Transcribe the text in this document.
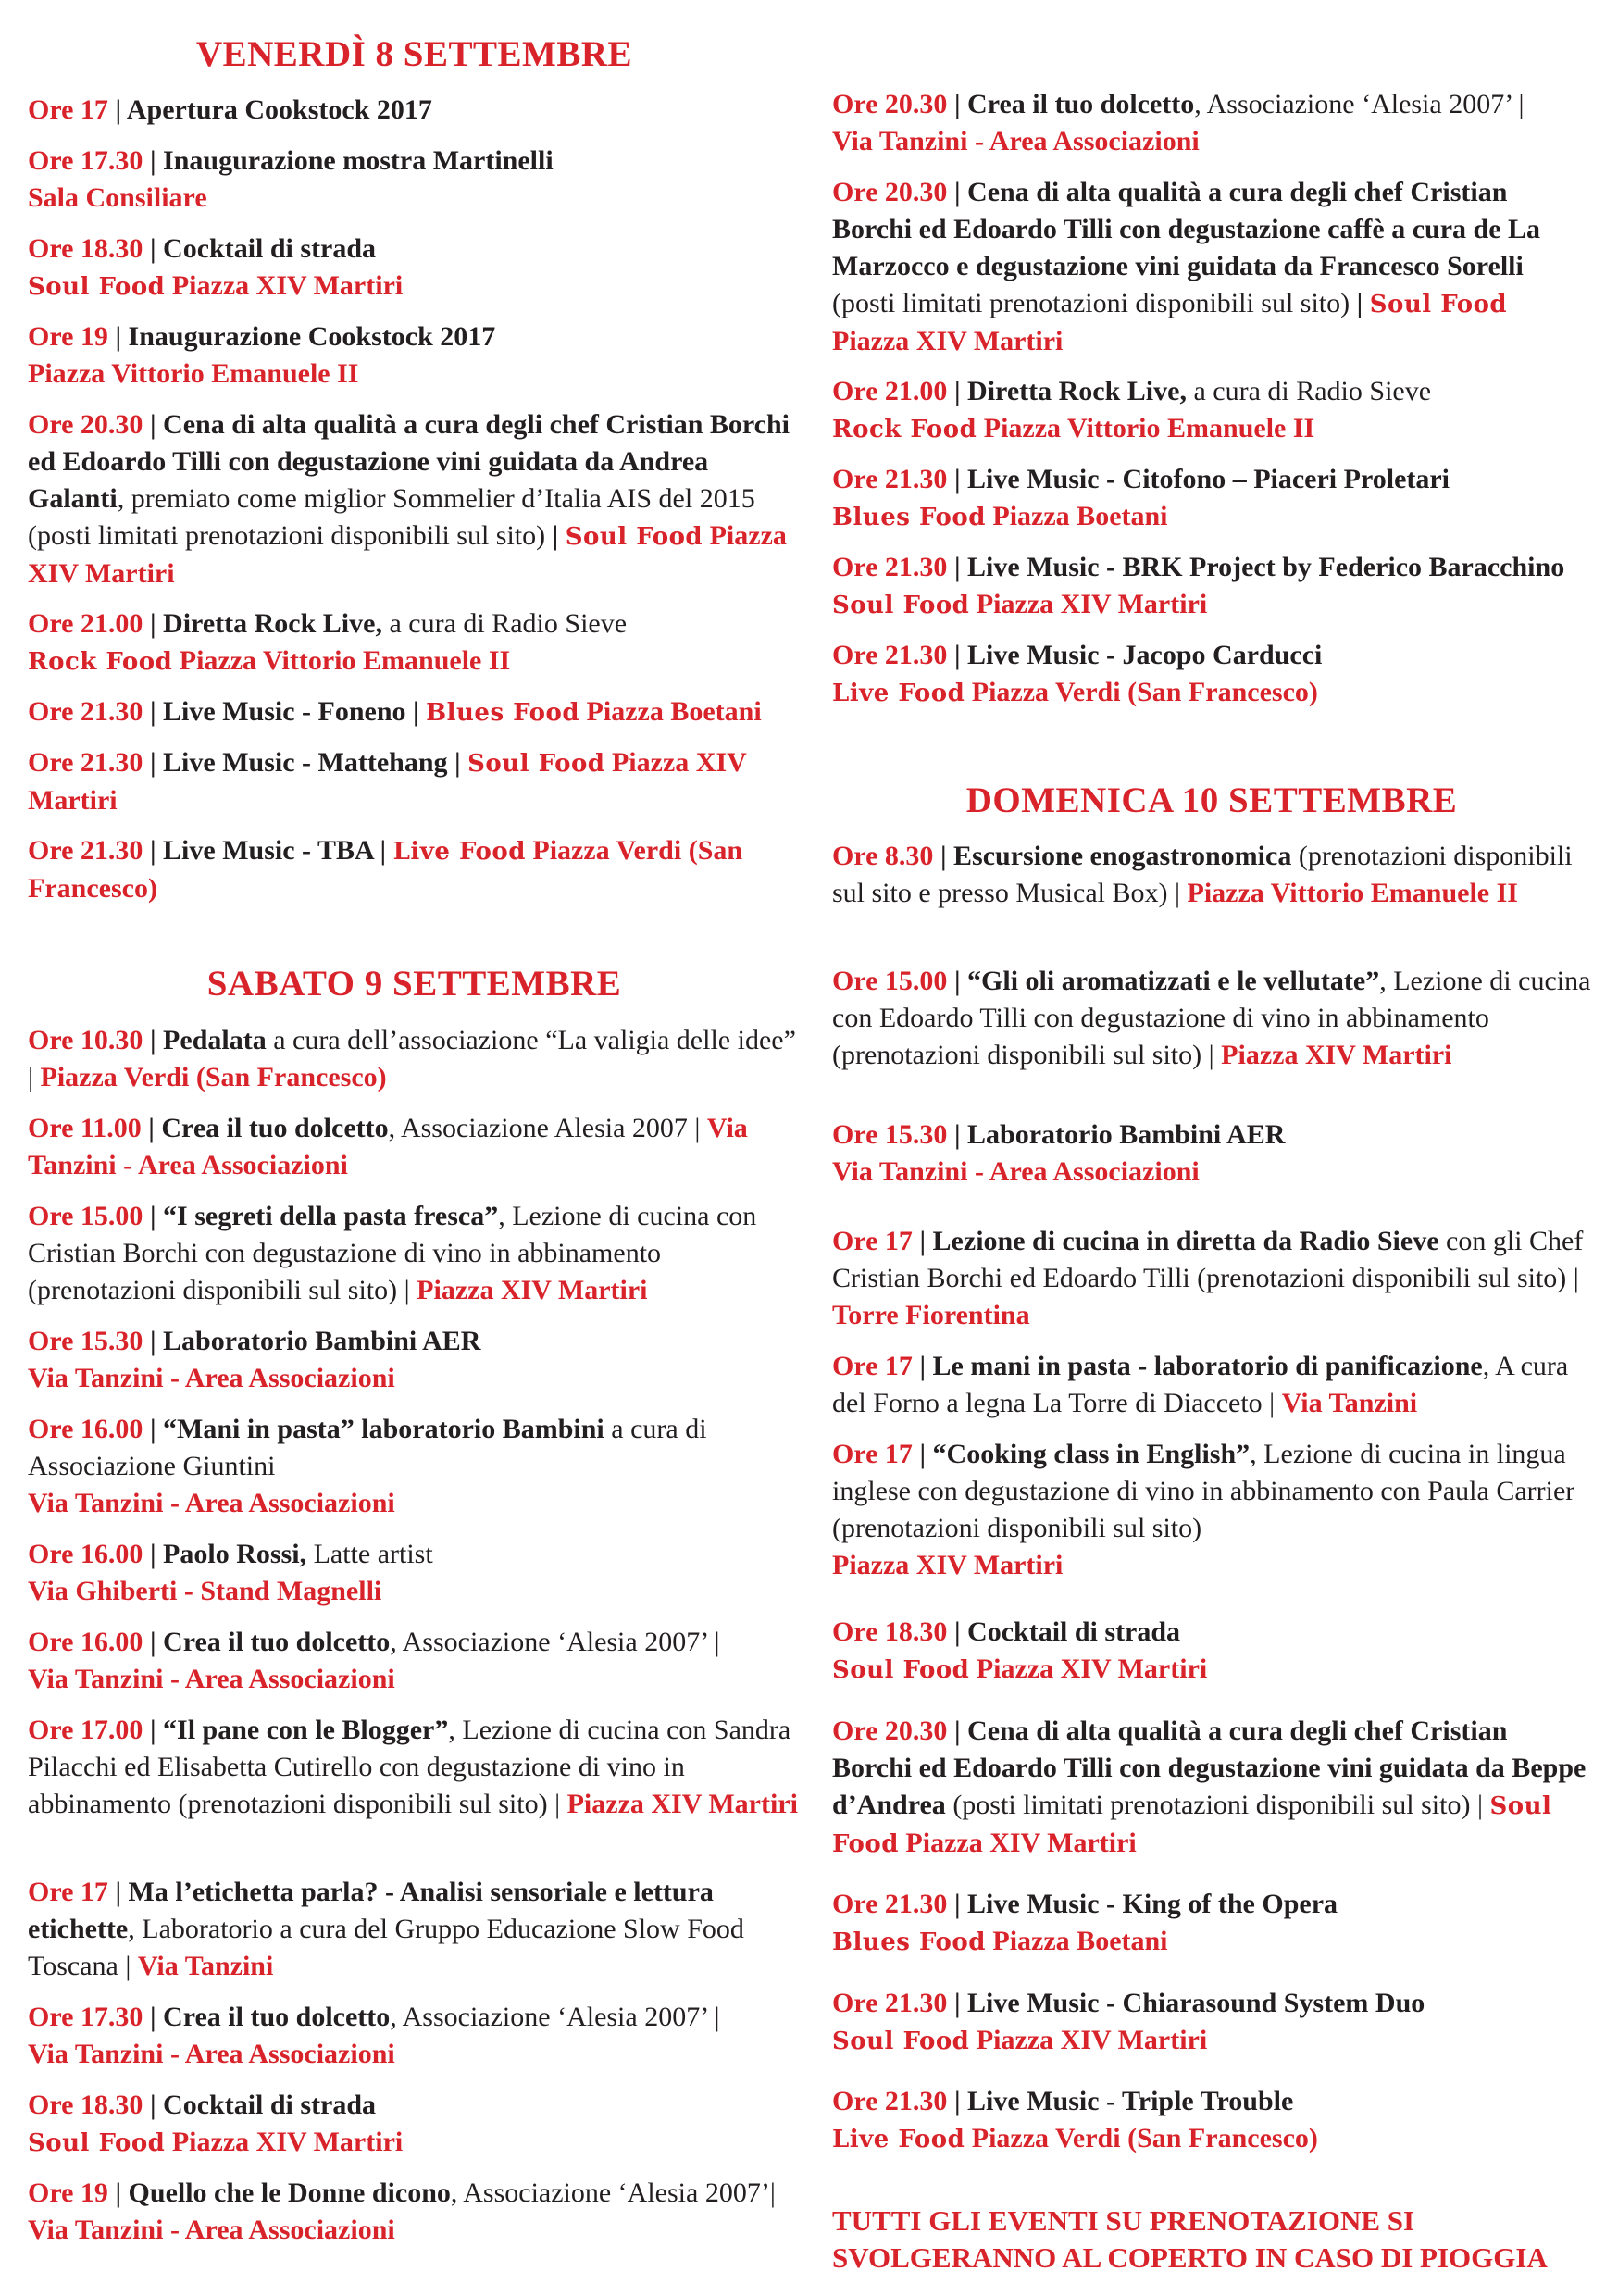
VENERDÌ 8 SETTEMBRE
Ore 17 | Apertura Cookstock 2017
Ore 17.30 | Inaugurazione mostra Martinelli
Sala Consiliare
Ore 18.30 | Cocktail di strada
Soul Food Piazza XIV Martiri
Ore 19 | Inaugurazione Cookstock 2017
Piazza Vittorio Emanuele II
Ore 20.30 | Cena di alta qualità a cura degli chef Cristian Borchi ed Edoardo Tilli con degustazione vini guidata da Andrea Galanti, premiato come miglior Sommelier d’Italia AIS del 2015 (posti limitati prenotazioni disponibili sul sito) | Soul Food Piazza XIV Martiri
Ore 21.00 | Diretta Rock Live, a cura di Radio Sieve
Rock Food Piazza Vittorio Emanuele II
Ore 21.30 | Live Music - Foneno | Blues Food Piazza Boetani
Ore 21.30 | Live Music - Mattehang | Soul Food Piazza XIV Martiri
Ore 21.30 | Live Music - TBA | Live Food Piazza Verdi (San Francesco)
SABATO 9 SETTEMBRE
Ore 10.30 | Pedalata a cura dell’associazione “La valigia delle idee” | Piazza Verdi (San Francesco)
Ore 11.00 | Crea il tuo dolcetto, Associazione Alesia 2007 | Via Tanzini - Area Associazioni
Ore 15.00 | “I segreti della pasta fresca”, Lezione di cucina con Cristian Borchi con degustazione di vino in abbinamento (prenotazioni disponibili sul sito) | Piazza XIV Martiri
Ore 15.30 | Laboratorio Bambini AER
Via Tanzini - Area Associazioni
Ore 16.00 | “Mani in pasta” laboratorio Bambini a cura di Associazione Giuntini
Via Tanzini - Area Associazioni
Ore 16.00 | Paolo Rossi, Latte artist
Via Ghiberti - Stand Magnelli
Ore 16.00 | Crea il tuo dolcetto, Associazione ‘Alesia 2007’ |
Via Tanzini - Area Associazioni
Ore 17.00 | “Il pane con le Blogger”, Lezione di cucina con Sandra Pilacchi ed Elisabetta Cutirello con degustazione di vino in abbinamento (prenotazioni disponibili sul sito) | Piazza XIV Martiri
Ore 17 | Ma l’etichetta parla? - Analisi sensoriale e lettura etichette, Laboratorio a cura del Gruppo Educazione Slow Food Toscana | Via Tanzini
Ore 17.30 | Crea il tuo dolcetto, Associazione ‘Alesia 2007’ |
Via Tanzini - Area Associazioni
Ore 18.30 | Cocktail di strada
Soul Food Piazza XIV Martiri
Ore 19 | Quello che le Donne dicono, Associazione ‘Alesia 2007’| Via Tanzini - Area Associazioni
Ore 20.30 | Crea il tuo dolcetto, Associazione ‘Alesia 2007’ |
Via Tanzini - Area Associazioni
Ore 20.30 | Cena di alta qualità a cura degli chef Cristian Borchi ed Edoardo Tilli con degustazione caffè a cura de La Marzocco e degustazione vini guidata da Francesco Sorelli (posti limitati prenotazioni disponibili sul sito) | Soul Food
Piazza XIV Martiri
Ore 21.00 | Diretta Rock Live, a cura di Radio Sieve
Rock Food Piazza Vittorio Emanuele II
Ore 21.30 | Live Music - Citofono – Piaceri Proletari
Blues Food Piazza Boetani
Ore 21.30 | Live Music - BRK Project by Federico Baracchino
Soul Food Piazza XIV Martiri
Ore 21.30 | Live Music - Jacopo Carducci
Live Food Piazza Verdi (San Francesco)
DOMENICA 10 SETTEMBRE
Ore 8.30 | Escursione enogastronomica (prenotazioni disponibili sul sito e presso Musical Box) | Piazza Vittorio Emanuele II
Ore 15.00 | “Gli oli aromatizzati e le vellutate”, Lezione di cucina con Edoardo Tilli con degustazione di vino in abbinamento (prenotazioni disponibili sul sito) | Piazza XIV Martiri
Ore 15.30 | Laboratorio Bambini AER
Via Tanzini - Area Associazioni
Ore 17 | Lezione di cucina in diretta da Radio Sieve con gli Chef Cristian Borchi ed Edoardo Tilli (prenotazioni disponibili sul sito) | Torre Fiorentina
Ore 17 | Le mani in pasta - laboratorio di panificazione, A cura del Forno a legna La Torre di Diacceto | Via Tanzini
Ore 17 | “Cooking class in English”, Lezione di cucina in lingua inglese con degustazione di vino in abbinamento con Paula Carrier (prenotazioni disponibili sul sito)
Piazza XIV Martiri
Ore 18.30 | Cocktail di strada
Soul Food Piazza XIV Martiri
Ore 20.30 | Cena di alta qualità a cura degli chef Cristian Borchi ed Edoardo Tilli con degustazione vini guidata da Beppe d’Andrea (posti limitati prenotazioni disponibili sul sito) | Soul Food Piazza XIV Martiri
Ore 21.30 | Live Music - King of the Opera
Blues Food Piazza Boetani
Ore 21.30 | Live Music - Chiarasound System Duo
Soul Food Piazza XIV Martiri
Ore 21.30 | Live Music - Triple Trouble
Live Food Piazza Verdi (San Francesco)
TUTTI GLI EVENTI SU PRENOTAZIONE SI
SVOLGERANNO AL COPERTO IN CASO DI PIOGGIA
